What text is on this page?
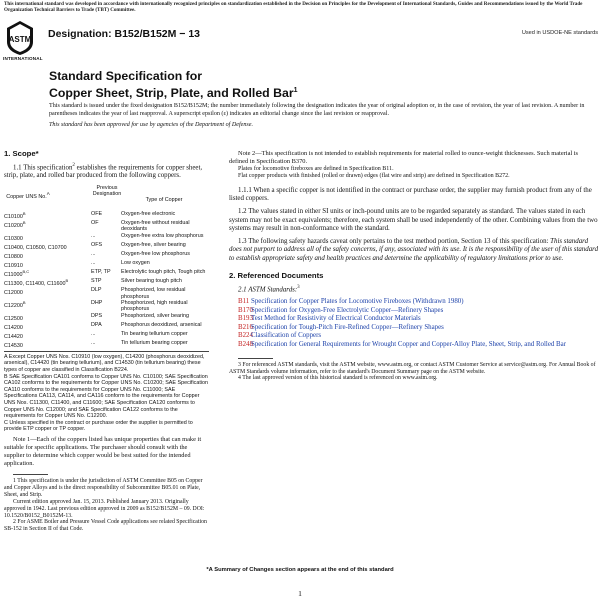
This international standard was developed in accordance with internationally recognized principles on standardization established in the Decision on Principles for the Development of International Standards, Guides and Recommendations issued by the World Trade Organization Technical Barriers to Trade (TBT) Committee.
ASTM
INTERNATIONAL
Designation: B152/B152M − 13	Used in USDOE-NE standards
Standard Specification for
Copper Sheet, Strip, Plate, and Rolled Bar$^1$

This standard is issued under the fixed designation B152/B152M; the number immediately following the designation indicates the year of original adoption or, in the case of revision, the year of last revision. A number in parentheses indicates the year of last reapproval. A superscript epsilon (ε) indicates an editorial change since the last revision or reapproval.

This standard has been approved for use by agencies of the Department of Defense.

1. Scope*

1.1 This specification$^2$ establishes the requirements for copper sheet, strip, plate, and rolled bar produced from the following coppers.

Copper UNS No.$^A$
Previous Designation
Type of Copper
$C10100^B$	OFE	Oxygen-free electronic
$C10200^B$	OF	Oxygen-free without residual deoxidants
C10300	...	Oxygen-free extra low phosphorus
C10400, C10500, C10700	OFS	Oxygen-free, silver bearing
C10800	...	Oxygen-free low phosphorus
C10910	...	Low oxygen
$C11000^{B,C}$	ETP, TP	Electrolytic tough pitch, Tough pitch
C11300, C11400, $C11600^B$	STP	Silver bearing tough pitch
C12000	DLP	Phosphorized, low residual phosphorus
$C12200^B$	DHP	Phosphorized, high residual phosphorus
C12500	DPS	Phosphorized, silver bearing
C14200	DPA	Phosphorus deoxidized, arsenical
C14420	...	Tin bearing tellurium copper
C14530	...	Tin tellurium bearing copper

A Except Copper UNS Nos. C10910 (low oxygen), C14200 (phosphorus deoxidized, arsenical), C14420 (tin bearing tellurium), and C14530 (tin tellurium bearing) these types of copper are classified in Classification B224.

B SAE Specification CA101 conforms to Copper UNS No. C10100; SAE Specification CA102 conforms to the requirements for Copper UNS No. C10200; SAE Specification CA110 conforms to the requirements for Copper UNS No. C11000; SAE Specifications CA113, CA114, and CA116 conform to the requirements for Copper UNS Nos. C11300, C11400, and C11600; SAE Specification CA120 conforms to Copper UNS No. C12000; and SAE Specification CA122 conforms to the requirements for Copper UNS No. C12200.

C Unless specified in the contract or purchase order the supplier is permitted to provide ETP copper or TP copper.

Note 1—Each of the coppers listed has unique properties that can make it suitable for specific applications. The purchaser should consult with the supplier to determine which copper would be best suited for the intended application.

1 This specification is under the jurisdiction of ASTM Committee B05 on Copper and Copper Alloys and is the direct responsibility of Subcommittee B05.01 on Plate, Sheet, and Strip.

Current edition approved Jan. 15, 2013. Published January 2013. Originally approved in 1942. Last previous edition approved in 2009 as B152/B152M – 09. DOI: 10.1520/B0152_B0152M-13.

2 For ASME Boiler and Pressure Vessel Code applications see related Specification SB-152 in Section II of that Code.

Note 2—This specification is not intended to establish requirements for material rolled to ounce-weight thicknesses. Such material is defined in Specification B370.

Plates for locomotive fireboxes are defined in Specification B11.

Flat copper products with finished (rolled or drawn) edges (flat wire and strip) are defined in Specification B272.

1.1.1 When a specific copper is not identified in the contract or purchase order, the supplier may furnish product from any of the listed coppers.

1.2 The values stated in either SI units or inch-pound units are to be regarded separately as standard. The values stated in each system may not be exact equivalents; therefore, each system shall be used independently of the other. Combining values from the two systems may result in non-conformance with the standard.

1.3 The following safety hazards caveat only pertains to the test method portion, Section 13 of this specification: This standard does not purport to address all of the safety concerns, if any, associated with its use. It is the responsibility of the user of this standard to establish appropriate safety and health practices and determine the applicability of regulatory limitations prior to use.

2. Referenced Documents

2.1 ASTM Standards:$^3$

B11 Specification for Copper Plates for Locomotive Fireboxes (Withdrawn 1980)
B170
Specification for Oxygen-Free Electrolytic Copper—Refinery Shapes
B193
Test Method for Resistivity of Electrical Conductor Materials
B216
Specification for Tough-Pitch Fire-Refined Copper—Refinery Shapes
B224
Classification of Coppers
B248
Specification for General Requirements for Wrought Copper and Copper-Alloy Plate, Sheet, Strip, and Rolled Bar

3 For referenced ASTM standards, visit the ASTM website, www.astm.org, or contact ASTM Customer Service at service@astm.org. For Annual Book of ASTM Standards volume information, refer to the standard's Document Summary page on the ASTM website.

4 The last approved version of this historical standard is referenced on www.astm.org.

*A Summary of Changes section appears at the end of this standard
1
